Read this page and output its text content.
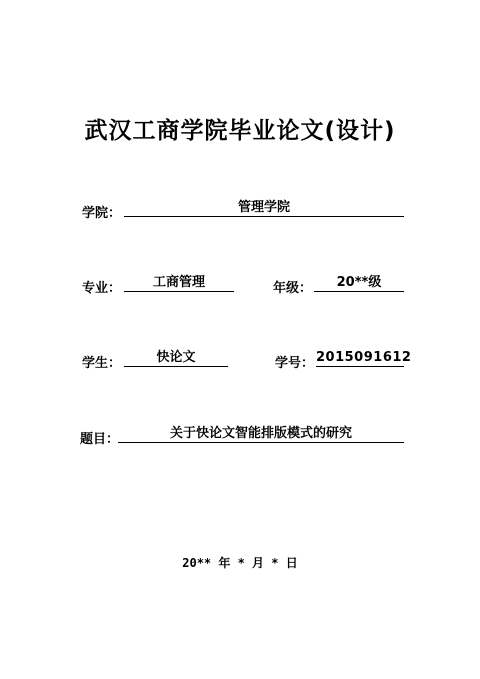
武汉工商学院毕业论文(设计)
学院：	管理学院
专业：	工商管理	年级：	20**级
学生：	快论文	学号： 2015091612
题目：	关于快论文智能排版模式的研究
20** 年 * 月 * 日
